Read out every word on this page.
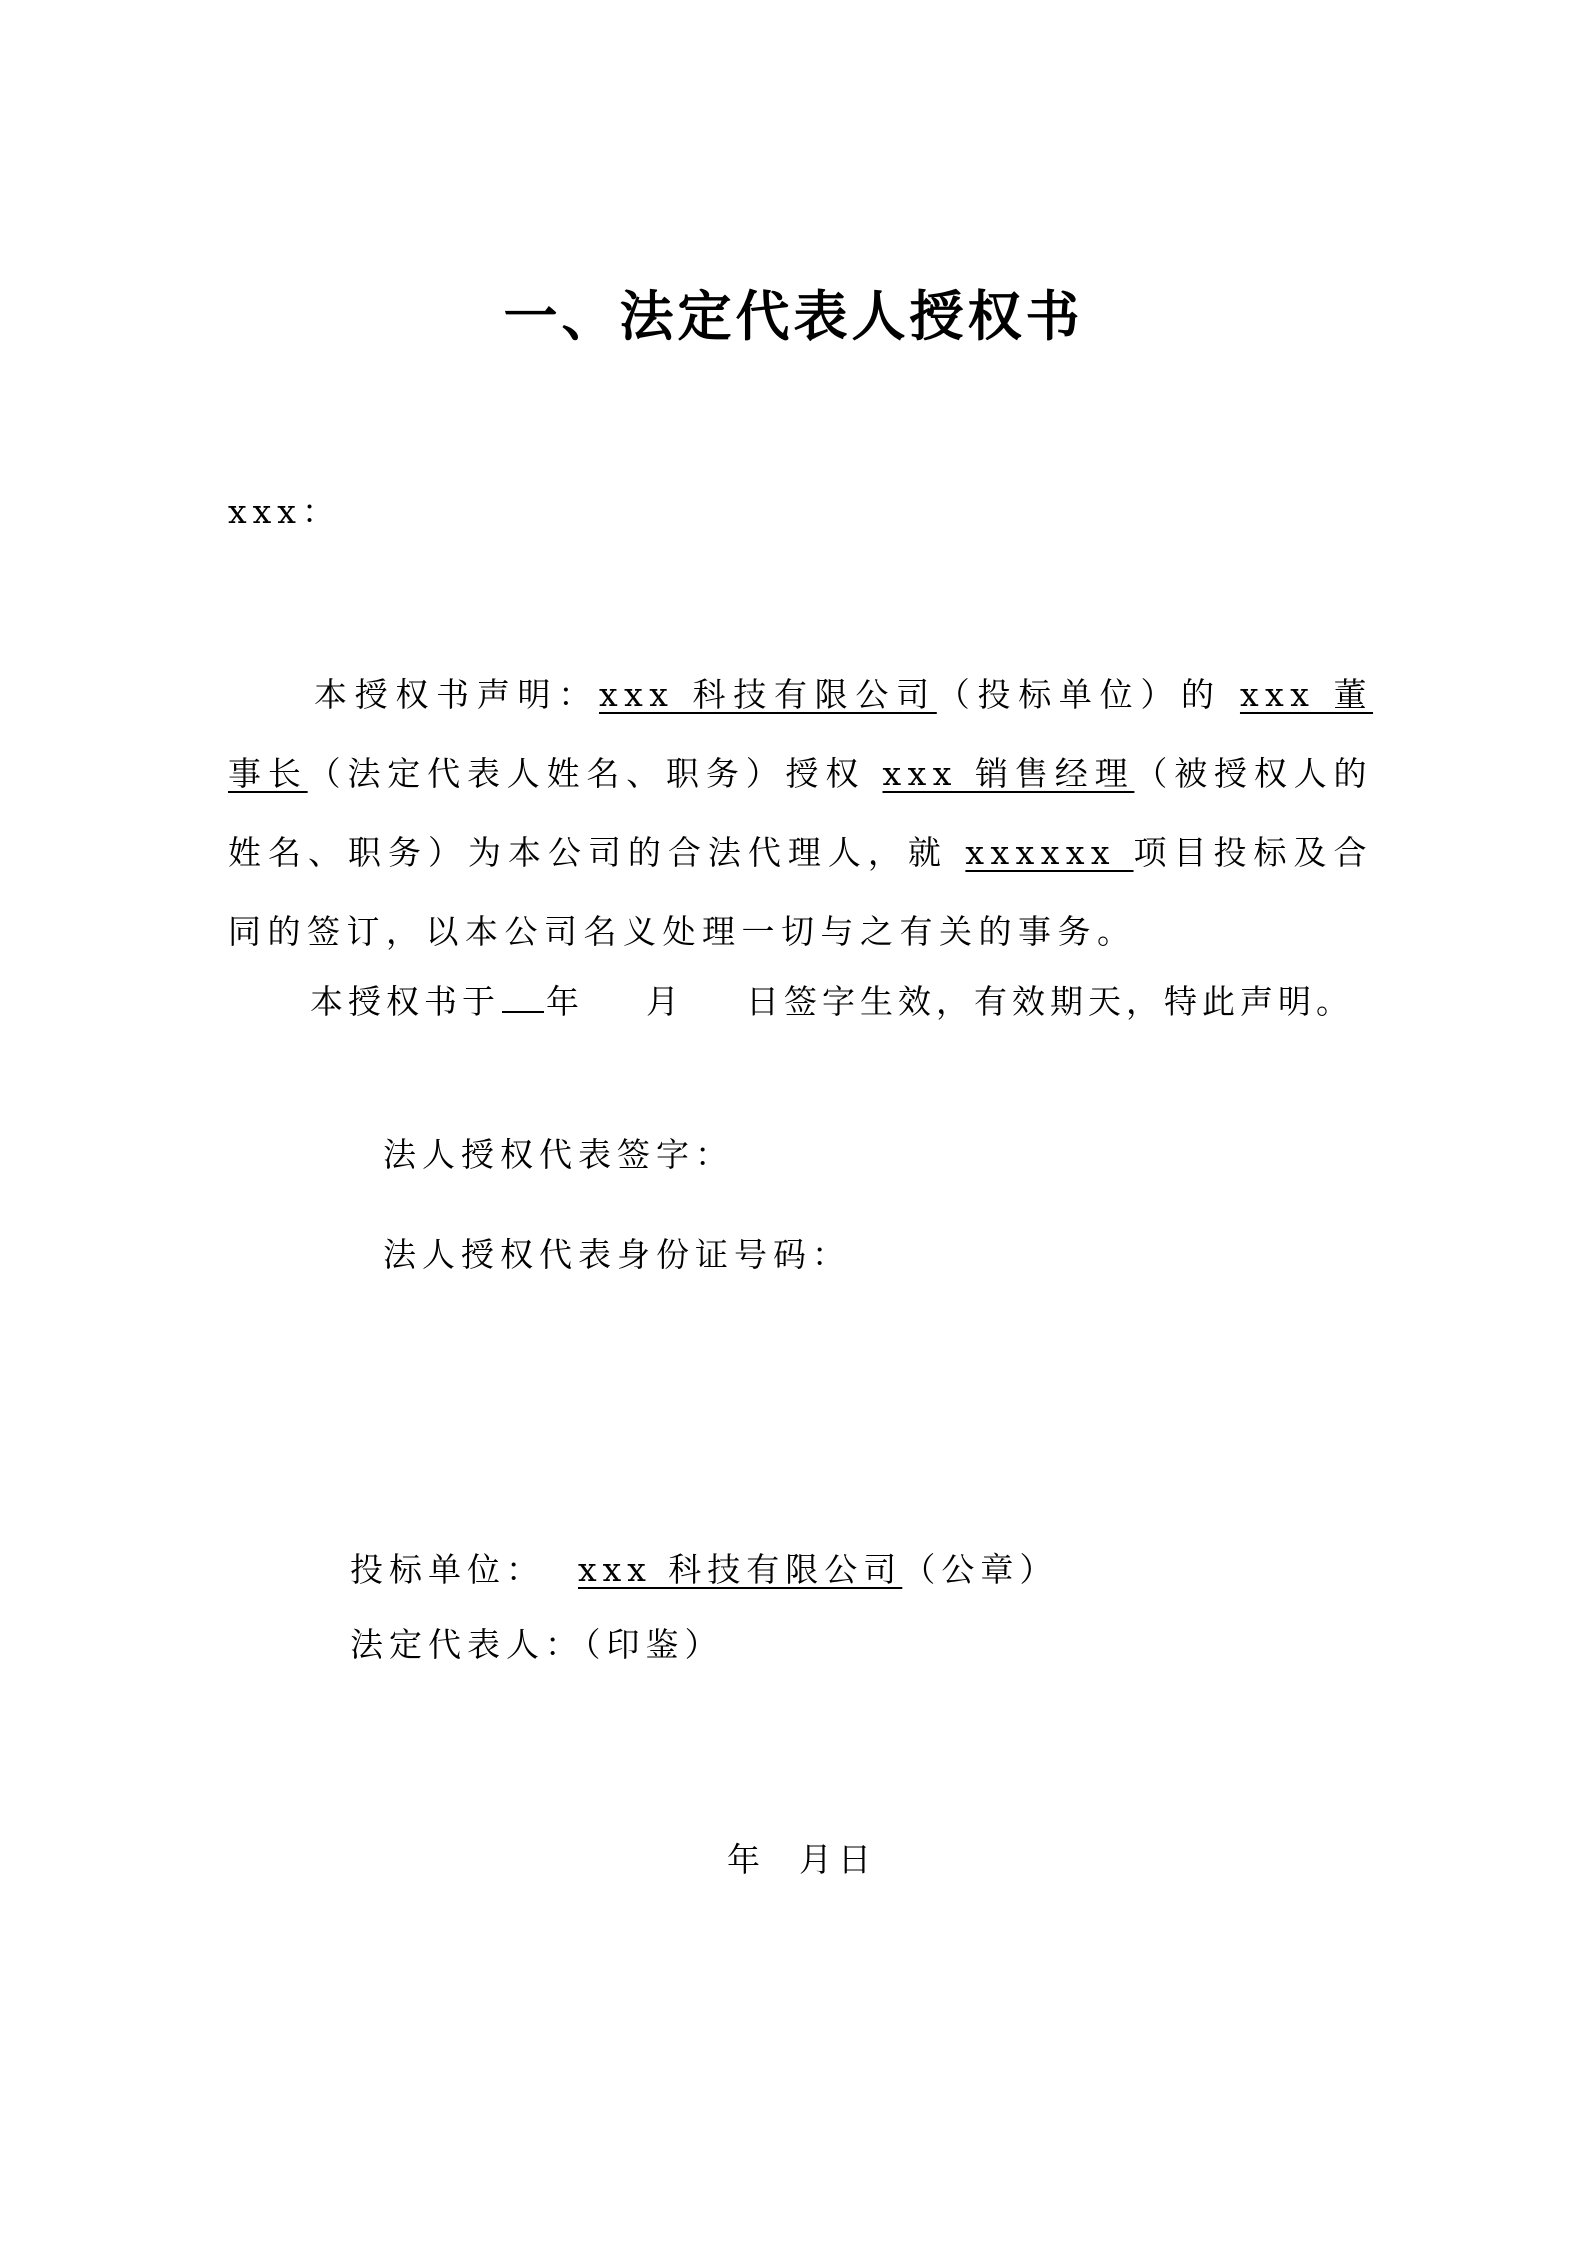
一、法定代表人授权书
xxx：
本授权书声明：xxx 科技有限公司（投标单位）的 xxx 董事长（法定代表人姓名、职务）授权 xxx 销售经理（被授权人的姓名、职务）为本公司的合法代理人，就 xxxxxx 项目投标及合同的签订，以本公司名义处理一切与之有关的事务。
本授权书于 年 月 日签字生效，有效期天，特此声明。
法人授权代表签字：
法人授权代表身份证号码：
投标单位： xxx 科技有限公司（公章）
法定代表人：（印鉴）
年 月日
